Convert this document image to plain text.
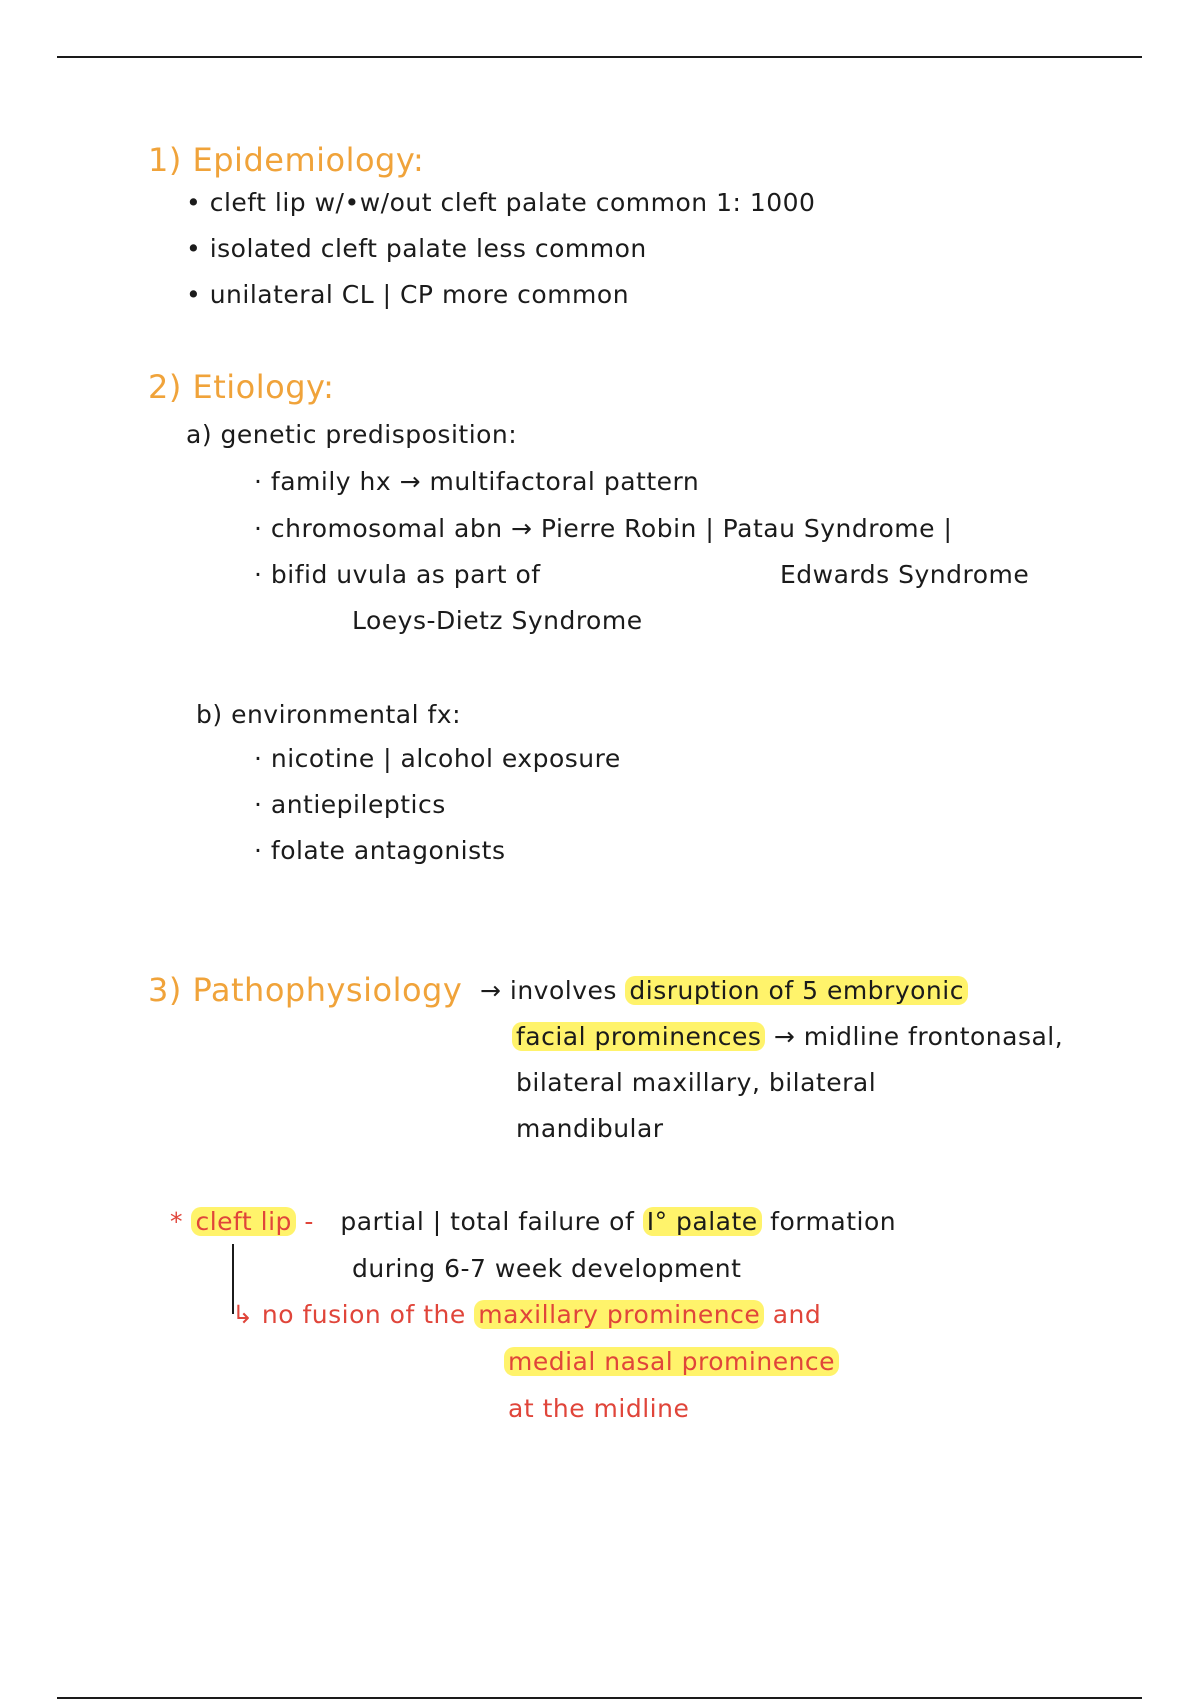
1) Epidemiology:
• cleft lip w/•w/out cleft palate common 1: 1000
• isolated cleft palate less common
• unilateral CL | CP more common
2) Etiology:
a) genetic predisposition:
· family hx → multifactoral pattern
· chromosomal abn → Pierre Robin | Patau Syndrome |
Edwards Syndrome
· bifid uvula as part of
Loeys-Dietz Syndrome
b) environmental fx:
· nicotine | alcohol exposure
· antiepileptics
· folate antagonists
3) Pathophysiology → involves disruption of 5 embryonic
facial prominences → midline frontonasal,
bilateral maxillary, bilateral
mandibular
* cleft lip - partial | total failure of I° palate formation
during 6-7 week development
↳ no fusion of the maxillary prominence and
medial nasal prominence
at the midline
